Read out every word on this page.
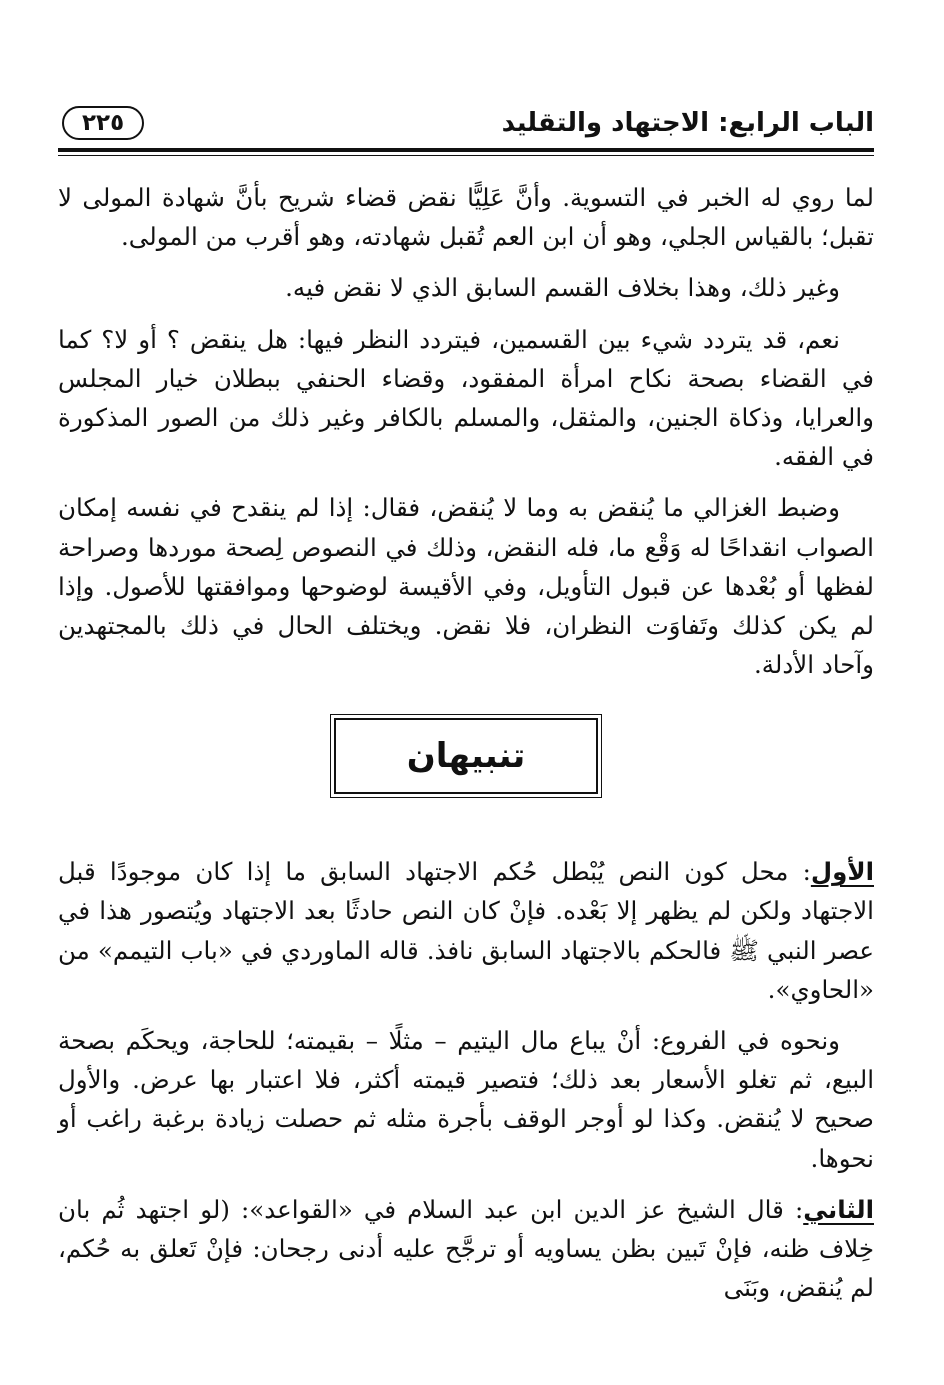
الباب الرابع: الاجتهاد والتقليد
٢٢٥

لما روي له الخبر في التسوية. وأنَّ عَلِيًّا نقض قضاء شريح بأنَّ شهادة المولى لا تقبل؛ بالقياس الجلي، وهو أن ابن العم تُقبل شهادته، وهو أقرب من المولى.

وغير ذلك، وهذا بخلاف القسم السابق الذي لا نقض فيه.

نعم، قد يتردد شيء بين القسمين، فيتردد النظر فيها: هل ينقض ؟ أو لا؟ كما في القضاء بصحة نكاح امرأة المفقود، وقضاء الحنفي ببطلان خيار المجلس والعرايا، وذكاة الجنين، والمثقل، والمسلم بالكافر وغير ذلك من الصور المذكورة في الفقه.

وضبط الغزالي ما يُنقض به وما لا يُنقض، فقال: إذا لم ينقدح في نفسه إمكان الصواب انقداحًا له وَقْع ما، فله النقض، وذلك في النصوص لِصحة موردها وصراحة لفظها أو بُعْدها عن قبول التأويل، وفي الأقيسة لوضوحها وموافقتها للأصول. وإذا لم يكن كذلك وتَفاوَت النظران، فلا نقض. ويختلف الحال في ذلك بالمجتهدين وآحاد الأدلة.

تنبيهان

الأول: محل كون النص يُبْطل حُكم الاجتهاد السابق ما إذا كان موجودًا قبل الاجتهاد ولكن لم يظهر إلا بَعْده. فإنْ كان النص حادثًا بعد الاجتهاد ويُتصور هذا في عصر النبي ﷺ فالحكم بالاجتهاد السابق نافذ. قاله الماوردي في «باب التيمم» من «الحاوي».

ونحوه في الفروع: أنْ يباع مال اليتيم – مثلًا – بقيمته؛ للحاجة، ويحكَم بصحة البيع، ثم تغلو الأسعار بعد ذلك؛ فتصير قيمته أكثر، فلا اعتبار بها عرض. والأول صحيح لا يُنقض. وكذا لو أوجر الوقف بأجرة مثله ثم حصلت زيادة برغبة راغب أو نحوها.

الثاني: قال الشيخ عز الدين ابن عبد السلام في «القواعد»: (لو اجتهد ثُم بان خِلاف ظنه، فإنْ تَبين بظن يساويه أو ترجَّح عليه أدنى رجحان: فإنْ تَعلق به حُكم، لم يُنقض، وبَنَى
